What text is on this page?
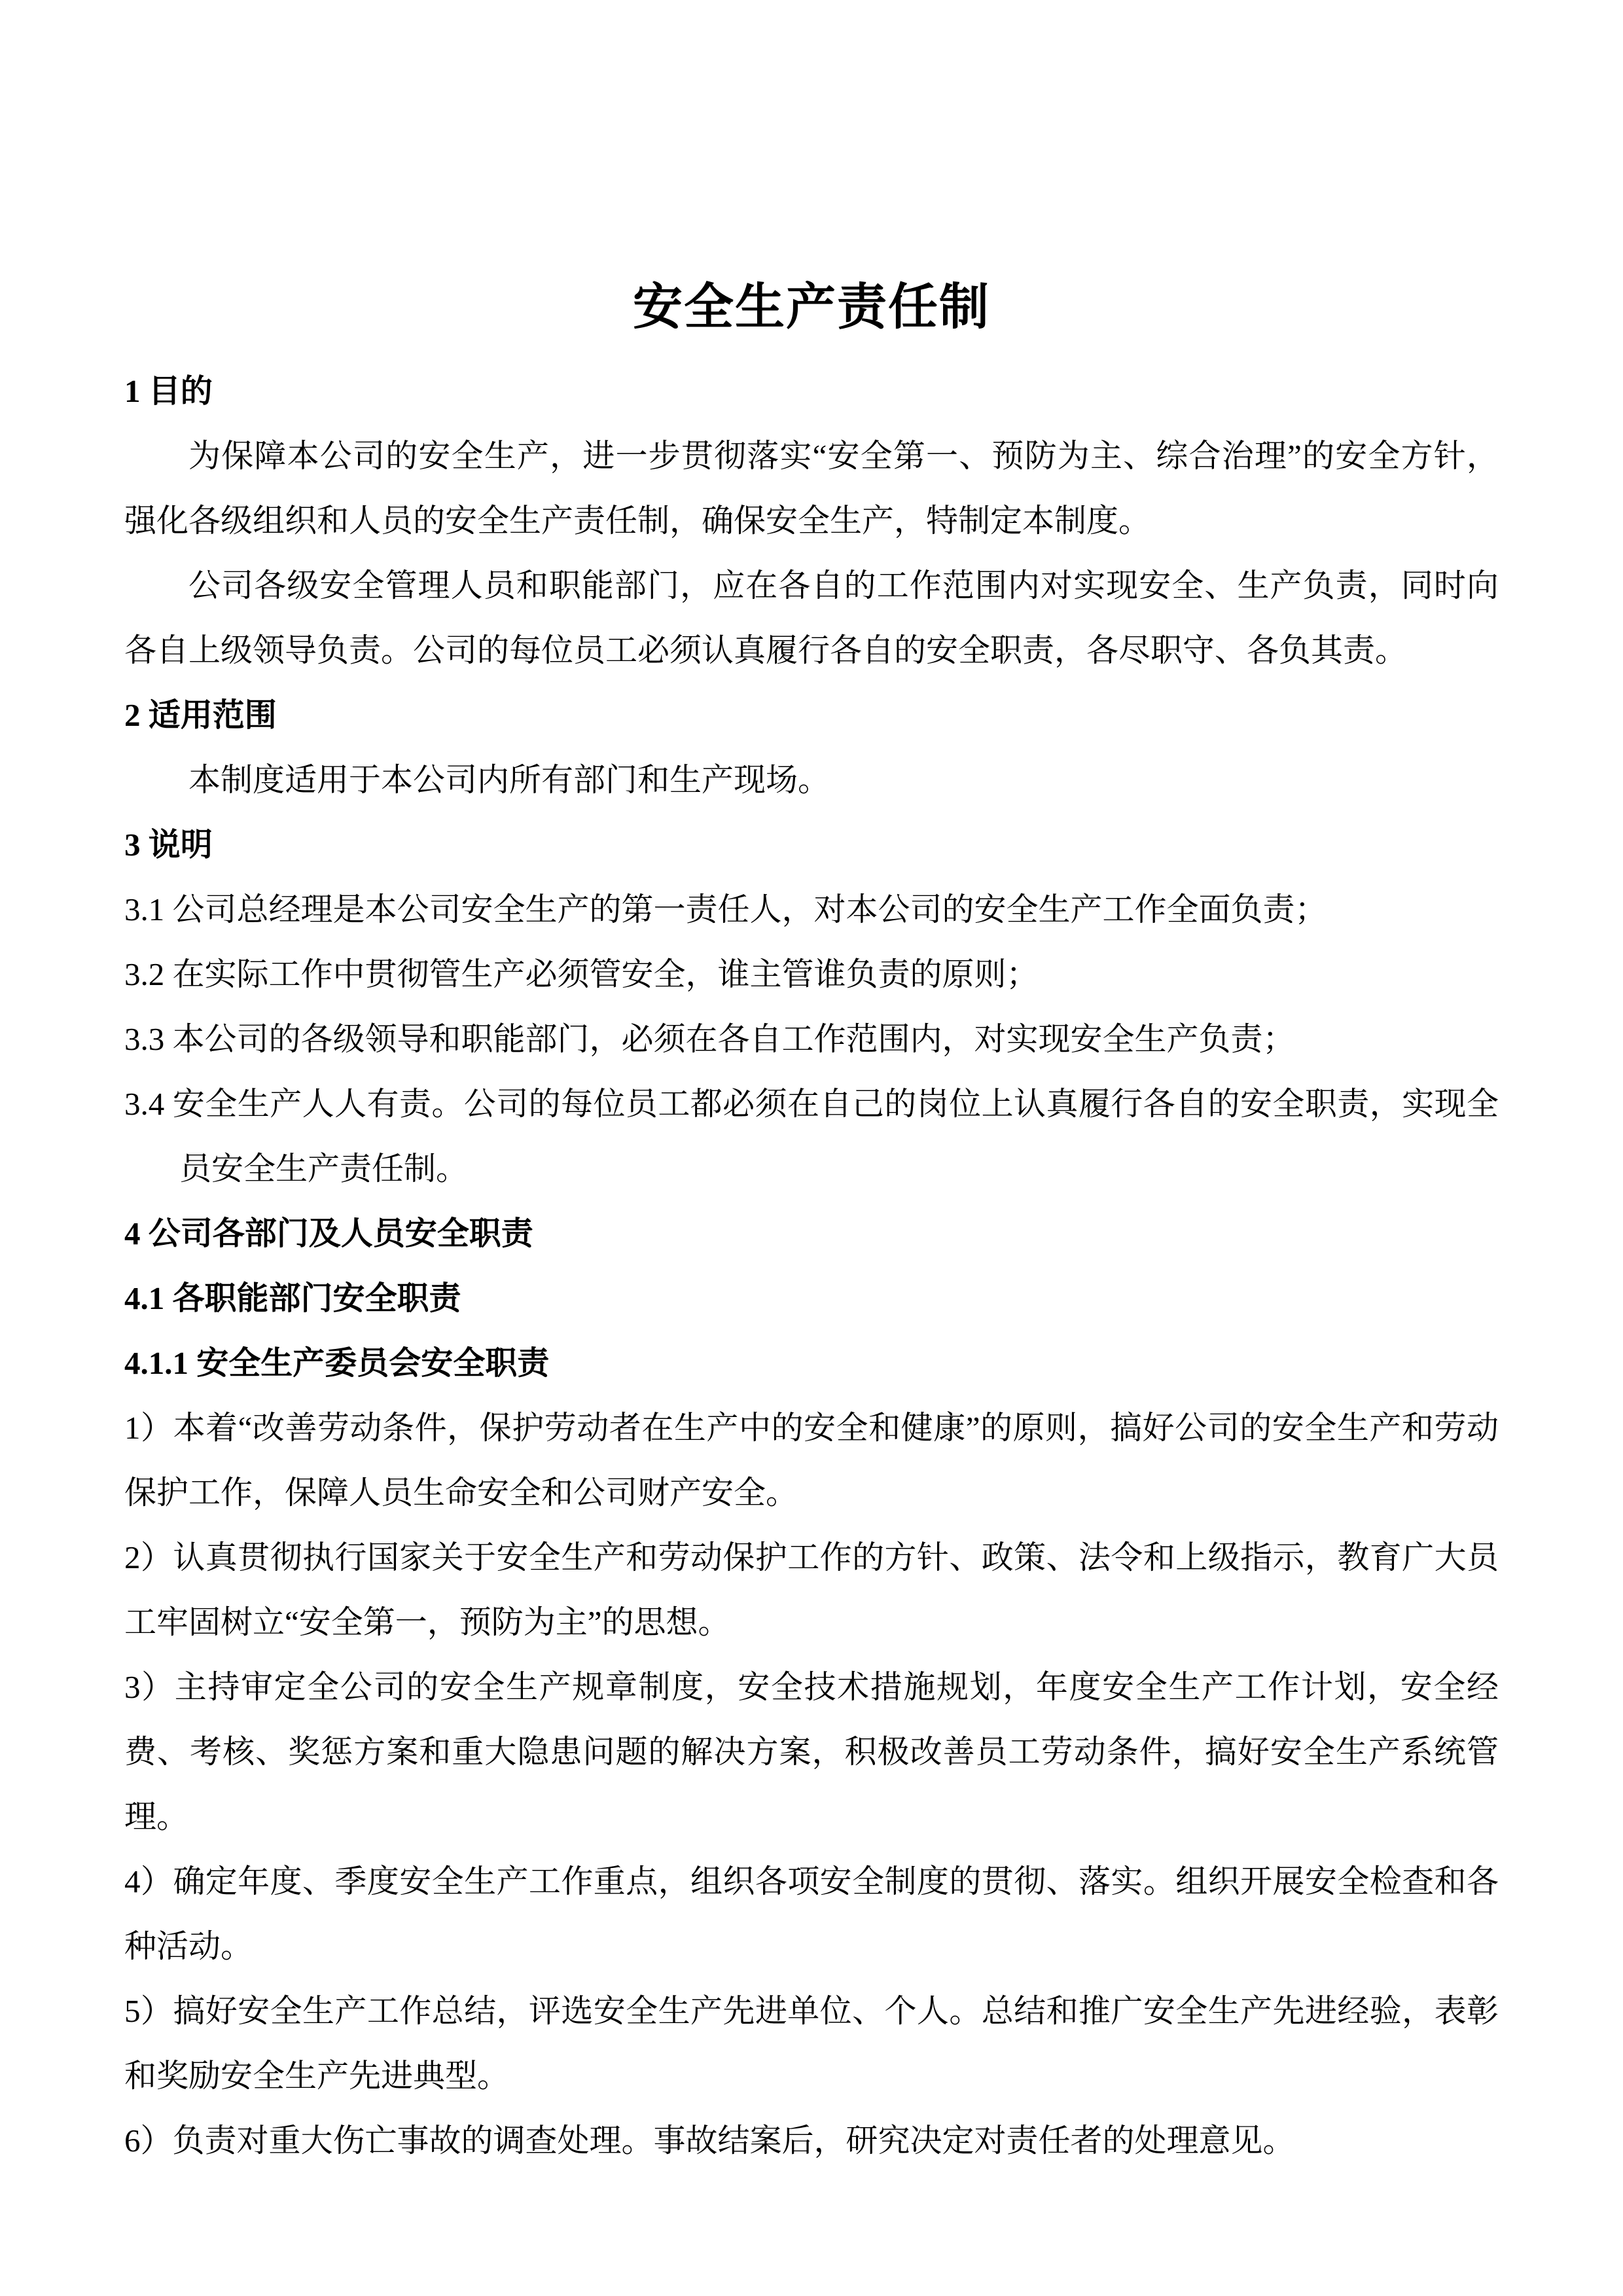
安全生产责任制
1 目的

为保障本公司的安全生产，进一步贯彻落实“安全第一、预防为主、综合治理”的安全方针，强化各级组织和人员的安全生产责任制，确保安全生产，特制定本制度。

公司各级安全管理人员和职能部门，应在各自的工作范围内对实现安全、生产负责，同时向各自上级领导负责。公司的每位员工必须认真履行各自的安全职责，各尽职守、各负其责。

2 适用范围

本制度适用于本公司内所有部门和生产现场。

3 说明

3.1 公司总经理是本公司安全生产的第一责任人，对本公司的安全生产工作全面负责；

3.2 在实际工作中贯彻管生产必须管安全，谁主管谁负责的原则；

3.3 本公司的各级领导和职能部门，必须在各自工作范围内，对实现安全生产负责；

3.4 安全生产人人有责。公司的每位员工都必须在自己的岗位上认真履行各自的安全职责，实现全员安全生产责任制。

4 公司各部门及人员安全职责
4.1 各职能部门安全职责
4.1.1 安全生产委员会安全职责

1）本着“改善劳动条件，保护劳动者在生产中的安全和健康”的原则，搞好公司的安全生产和劳动保护工作，保障人员生命安全和公司财产安全。

2）认真贯彻执行国家关于安全生产和劳动保护工作的方针、政策、法令和上级指示，教育广大员工牢固树立“安全第一，预防为主”的思想。

3）主持审定全公司的安全生产规章制度，安全技术措施规划，年度安全生产工作计划，安全经费、考核、奖惩方案和重大隐患问题的解决方案，积极改善员工劳动条件，搞好安全生产系统管理。

4）确定年度、季度安全生产工作重点，组织各项安全制度的贯彻、落实。组织开展安全检查和各种活动。

5）搞好安全生产工作总结，评选安全生产先进单位、个人。总结和推广安全生产先进经验，表彰和奖励安全生产先进典型。

6）负责对重大伤亡事故的调查处理。事故结案后，研究决定对责任者的处理意见。
